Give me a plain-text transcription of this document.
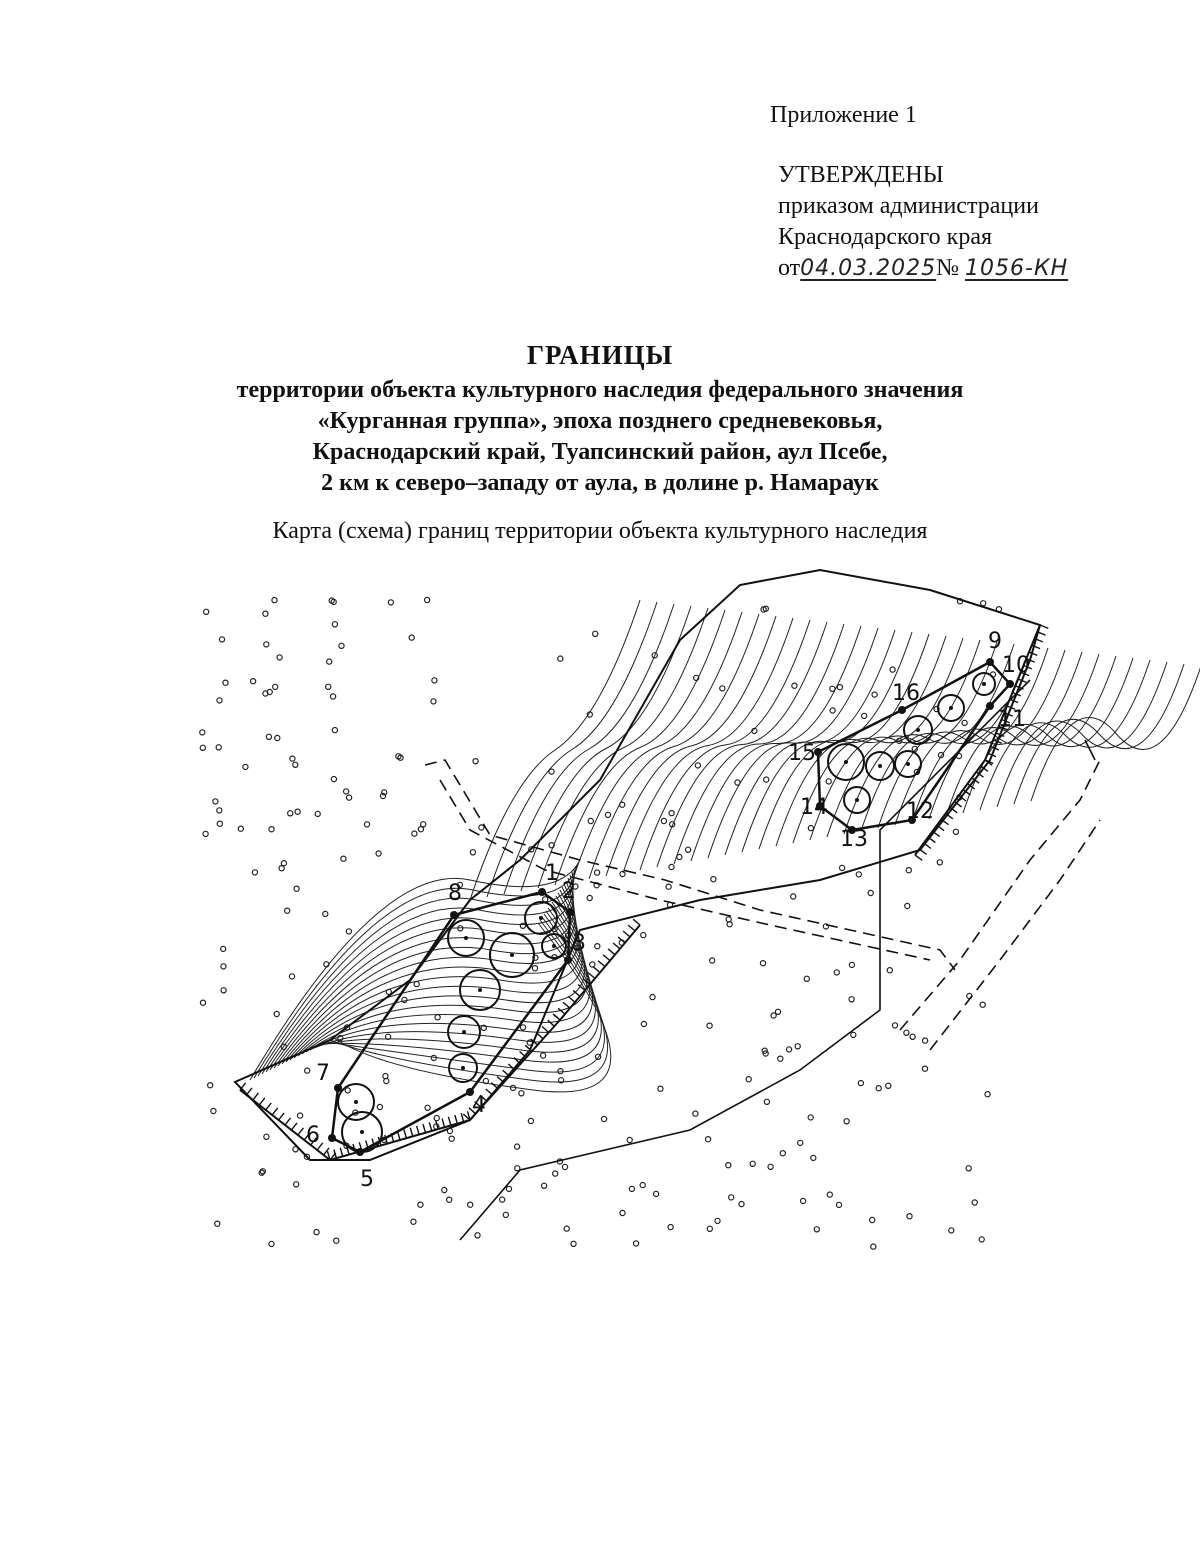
Приложение 1
УТВЕРЖДЕНЫ
приказом администрации
Краснодарского края
от04.03.2025№ 1056-КН
ГРАНИЦЫ
территории объекта культурного наследия федерального значения
«Курганная группа», эпоха позднего средневековья,
Краснодарский край, Туапсинский район, аул Псебе,
2 км к северо–западу от аула, в долине р. Намараук
Карта (схема) границ территории объекта культурного наследия
1
2
3
4
5
6
7
8
9
10
11
12
13
14
15
16
